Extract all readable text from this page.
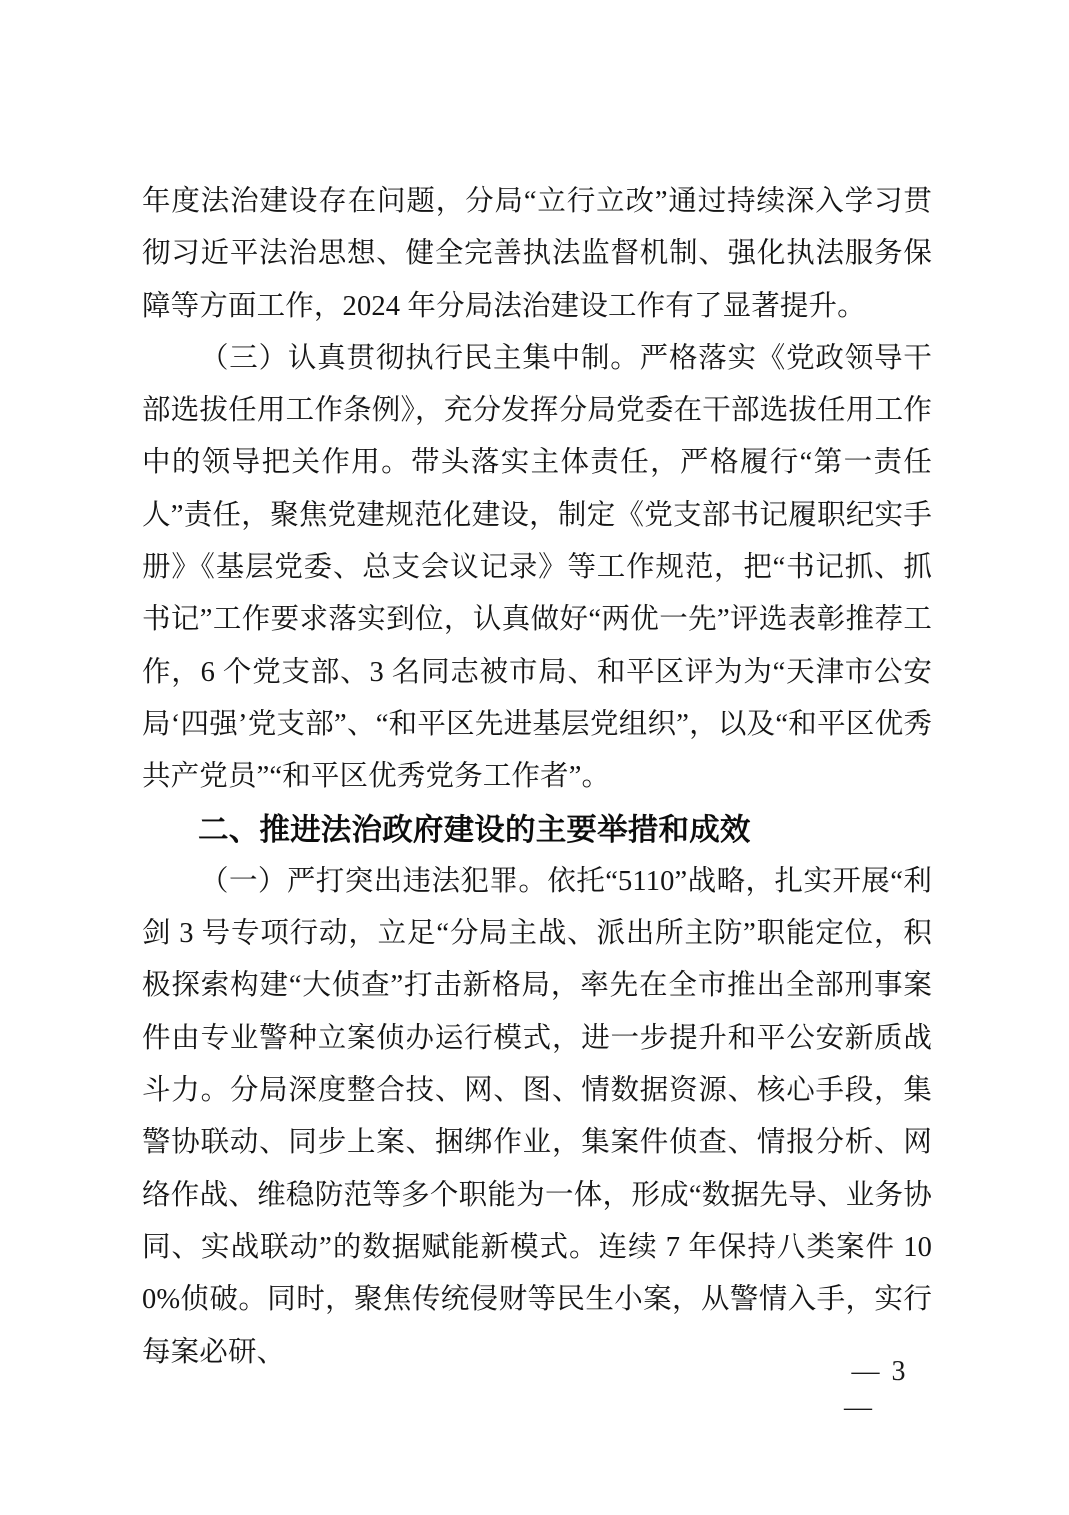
年度法治建设存在问题，分局“立行立改”通过持续深入学习贯彻习近平法治思想、健全完善执法监督机制、强化执法服务保障等方面工作，2024 年分局法治建设工作有了显著提升。

（三）认真贯彻执行民主集中制。严格落实《党政领导干部选拔任用工作条例》，充分发挥分局党委在干部选拔任用工作中的领导把关作用。带头落实主体责任，严格履行“第一责任人”责任，聚焦党建规范化建设，制定《党支部书记履职纪实手册》《基层党委、总支会议记录》等工作规范，把“书记抓、抓书记”工作要求落实到位，认真做好“两优一先”评选表彰推荐工作，6 个党支部、3 名同志被市局、和平区评为为“天津市公安局‘四强’党支部”、“和平区先进基层党组织”，以及“和平区优秀共产党员”“和平区优秀党务工作者”。

二、推进法治政府建设的主要举措和成效

（一）严打突出违法犯罪。依托“5110”战略，扎实开展“利剑 3 号专项行动，立足“分局主战、派出所主防”职能定位，积极探索构建“大侦查”打击新格局，率先在全市推出全部刑事案件由专业警种立案侦办运行模式，进一步提升和平公安新质战斗力。分局深度整合技、网、图、情数据资源、核心手段，集警协联动、同步上案、捆绑作业，集案件侦查、情报分析、网络作战、维稳防范等多个职能为一体，形成“数据先导、业务协同、实战联动”的数据赋能新模式。连续 7 年保持八类案件 100%侦破。同时，聚焦传统侵财等民生小案，从警情入手，实行每案必研、

— 3
—
